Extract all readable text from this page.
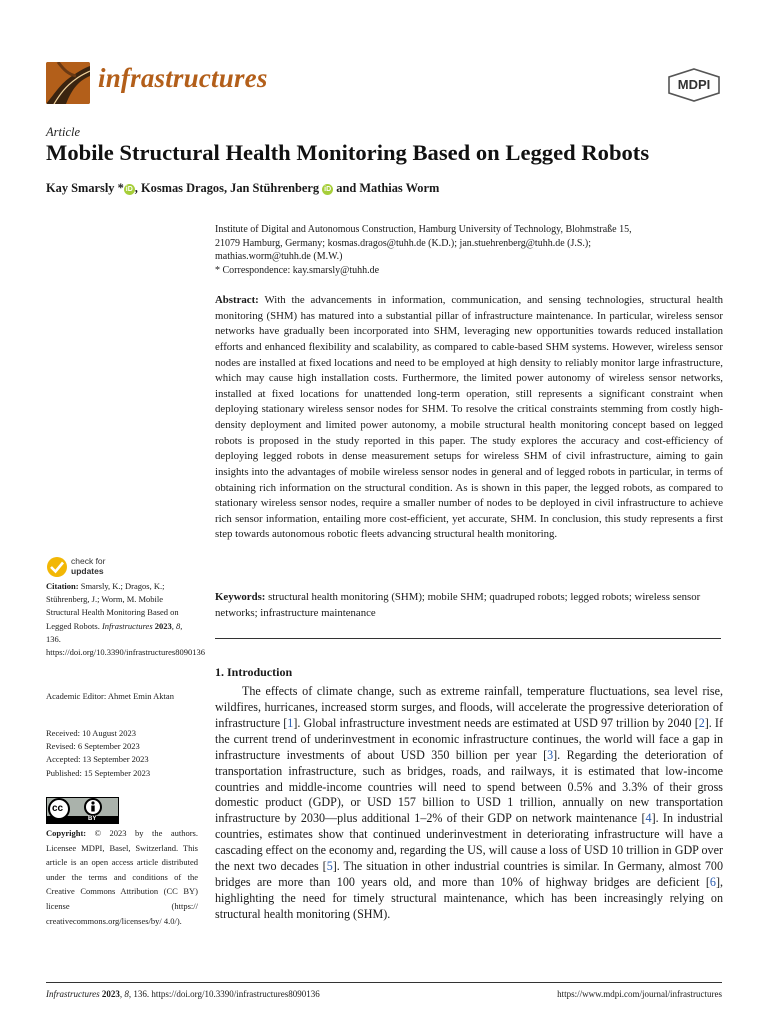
infrastructures	MDPI
Article
Mobile Structural Health Monitoring Based on Legged Robots
Kay Smarsly * iD , Kosmas Dragos, Jan Stührenberg iD and Mathias Worm
Institute of Digital and Autonomous Construction, Hamburg University of Technology, Blohmstraße 15,
21079 Hamburg, Germany; kosmas.dragos@tuhh.de (K.D.); jan.stuehrenberg@tuhh.de (J.S.);
mathias.worm@tuhh.de (M.W.)
* Correspondence: kay.smarsly@tuhh.de
Abstract: With the advancements in information, communication, and sensing technologies, structural health monitoring (SHM) has matured into a substantial pillar of infrastructure maintenance. In particular, wireless sensor networks have gradually been incorporated into SHM, leveraging new opportunities towards reduced installation efforts and enhanced flexibility and scalability, as compared to cable-based SHM systems. However, wireless sensor nodes are installed at fixed locations and need to be employed at high density to reliably monitor large infrastructure, which may cause high installation costs. Furthermore, the limited power autonomy of wireless sensor networks, installed at fixed locations for unattended long-term operation, still represents a significant constraint when deploying stationary wireless sensor nodes for SHM. To resolve the critical constraints stemming from costly high-density deployment and limited power autonomy, a mobile structural health monitoring concept based on legged robots is proposed in the study reported in this paper. The study explores the accuracy and cost-efficiency of deploying legged robots in dense measurement setups for wireless SHM of civil infrastructure, aiming to gain insights into the advantages of mobile wireless sensor nodes in general and of legged robots in particular, in terms of obtaining rich information on the structural condition. As is shown in this paper, the legged robots, as compared to stationary wireless sensor nodes, require a smaller number of nodes to be deployed in civil infrastructure to achieve rich sensor information, entailing more cost-efficient, yet accurate, SHM. In conclusion, this study represents a first step towards autonomous robotic fleets advancing structural health monitoring.
Keywords: structural health monitoring (SHM); mobile SHM; quadruped robots; legged robots; wireless sensor networks; infrastructure maintenance
1. Introduction
The effects of climate change, such as extreme rainfall, temperature fluctuations, sea level rise, wildfires, hurricanes, increased storm surges, and floods, will accelerate the progressive deterioration of infrastructure [1]. Global infrastructure investment needs are estimated at USD 97 trillion by 2040 [2]. If the current trend of underinvestment in economic infrastructure continues, the world will face a gap in infrastructure investments of about USD 350 billion per year [3]. Regarding the deterioration of transportation infrastructure, such as bridges, roads, and railways, it is estimated that low-income countries and middle-income countries will need to spend between 0.5% and 3.3% of their gross domestic product (GDP), or USD 157 billion to USD 1 trillion, annually on new transportation infrastructure by 2030—plus additional 1–2% of their GDP on network maintenance [4]. In industrial countries, estimates show that continued underinvestment in deteriorating infrastructure will have a cascading effect on the economy and, regarding the US, will cause a loss of USD 10 trillion in GDP over the next two decades [5]. The situation in other industrial countries is similar. In Germany, almost 700 bridges are more than 100 years old, and more than 10% of highway bridges are deficient [6], highlighting the need for timely structural maintenance, which has been increasingly relying on structural health monitoring (SHM).
check for
updates
Citation: Smarsly, K.; Dragos, K.; Stührenberg, J.; Worm, M. Mobile Structural Health Monitoring Based on Legged Robots. Infrastructures 2023, 8, 136. https://doi.org/10.3390/infrastructures8090136
Academic Editor: Ahmet Emin Aktan
Received: 10 August 2023
Revised: 6 September 2023
Accepted: 13 September 2023
Published: 15 September 2023
cc
BY
Copyright: © 2023 by the authors. Licensee MDPI, Basel, Switzerland. This article is an open access article distributed under the terms and conditions of the Creative Commons Attribution (CC BY) license (https:// creativecommons.org/licenses/by/ 4.0/).
Infrastructures 2023, 8, 136. https://doi.org/10.3390/infrastructures8090136	https://www.mdpi.com/journal/infrastructures
